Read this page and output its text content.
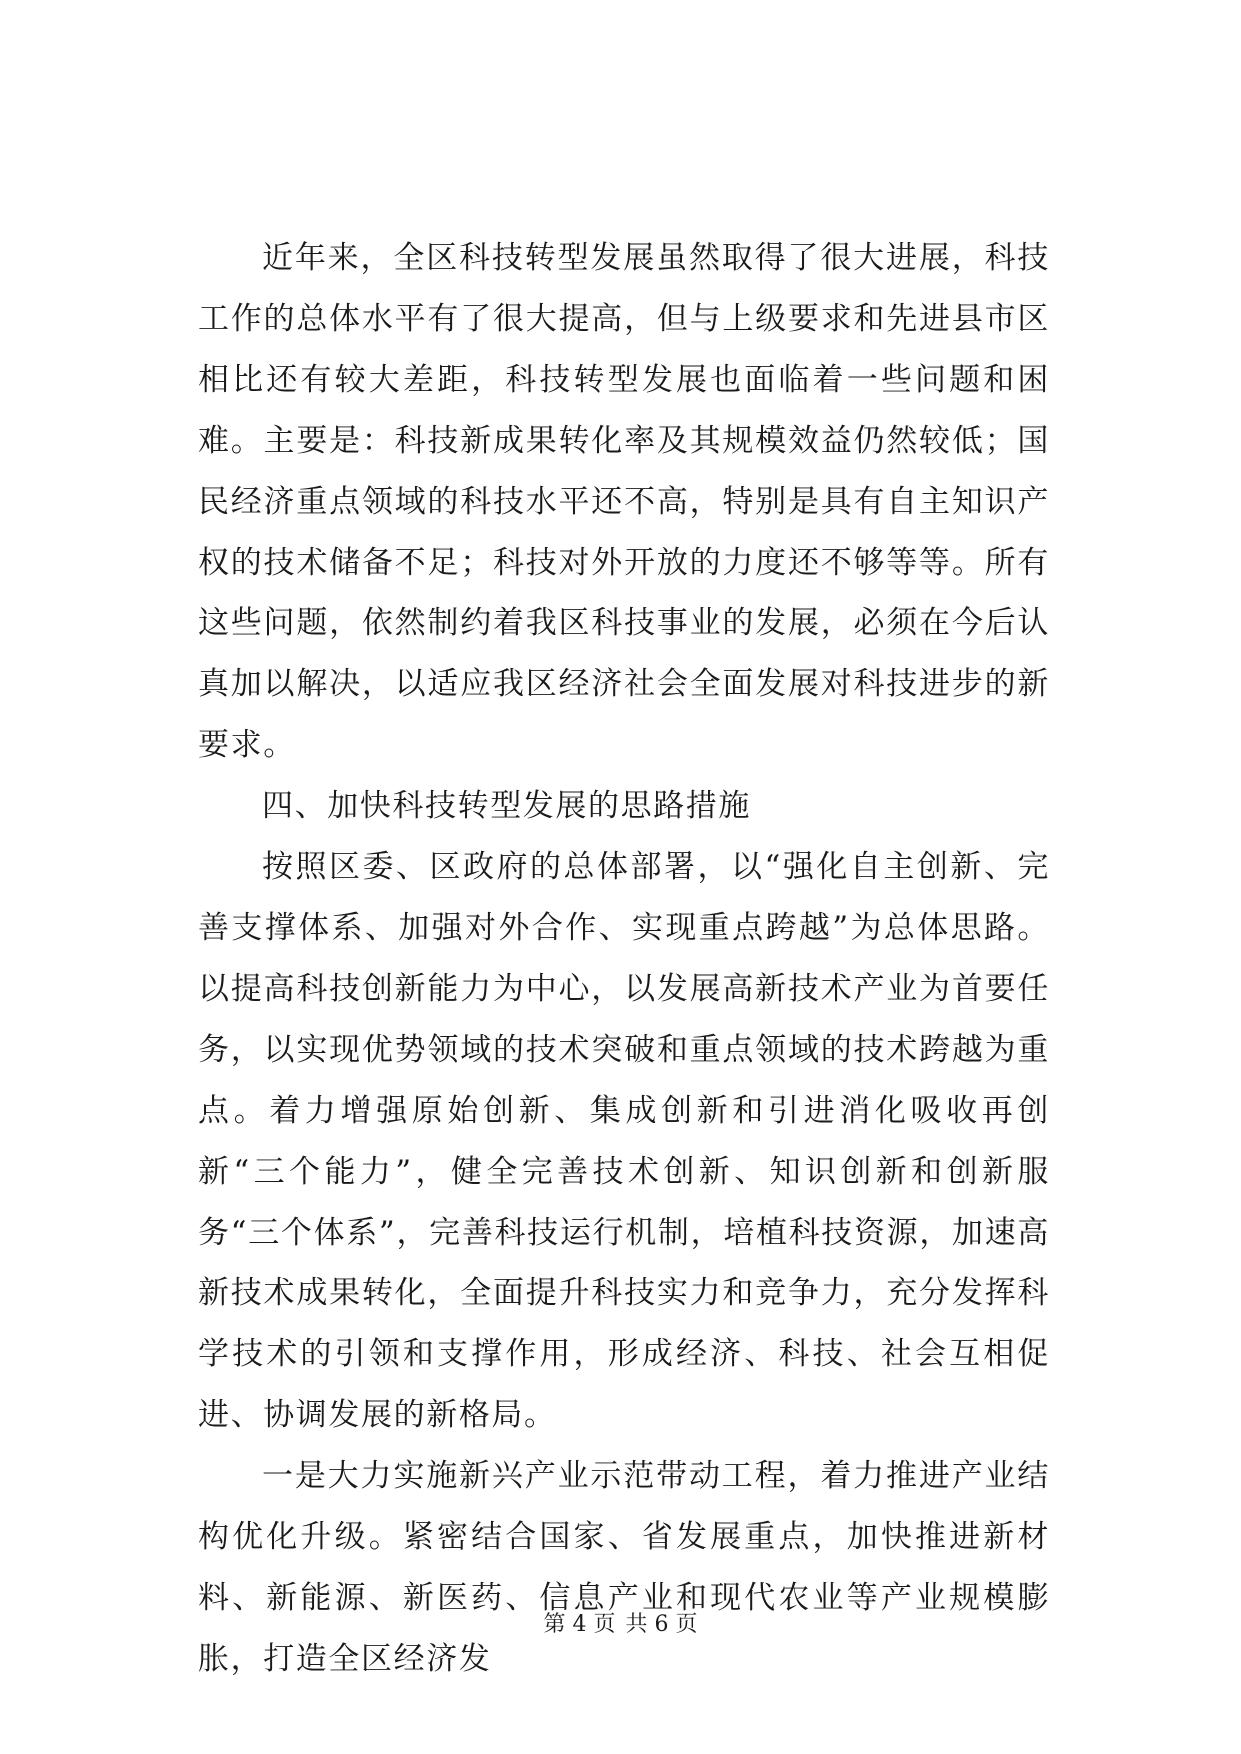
近年来，全区科技转型发展虽然取得了很大进展，科技工作的总体水平有了很大提高，但与上级要求和先进县市区相比还有较大差距，科技转型发展也面临着一些问题和困难。主要是：科技新成果转化率及其规模效益仍然较低；国民经济重点领域的科技水平还不高，特别是具有自主知识产权的技术储备不足；科技对外开放的力度还不够等等。所有这些问题，依然制约着我区科技事业的发展，必须在今后认真加以解决，以适应我区经济社会全面发展对科技进步的新要求。

四、加快科技转型发展的思路措施

按照区委、区政府的总体部署，以“强化自主创新、完善支撑体系、加强对外合作、实现重点跨越”为总体思路。以提高科技创新能力为中心，以发展高新技术产业为首要任务，以实现优势领域的技术突破和重点领域的技术跨越为重点。着力增强原始创新、集成创新和引进消化吸收再创新“三个能力”，健全完善技术创新、知识创新和创新服务“三个体系”，完善科技运行机制，培植科技资源，加速高新技术成果转化，全面提升科技实力和竞争力，充分发挥科学技术的引领和支撑作用，形成经济、科技、社会互相促进、协调发展的新格局。

一是大力实施新兴产业示范带动工程，着力推进产业结构优化升级。紧密结合国家、省发展重点，加快推进新材料、新能源、新医药、信息产业和现代农业等产业规模膨胀，打造全区经济发

第 4 页 共 6 页
